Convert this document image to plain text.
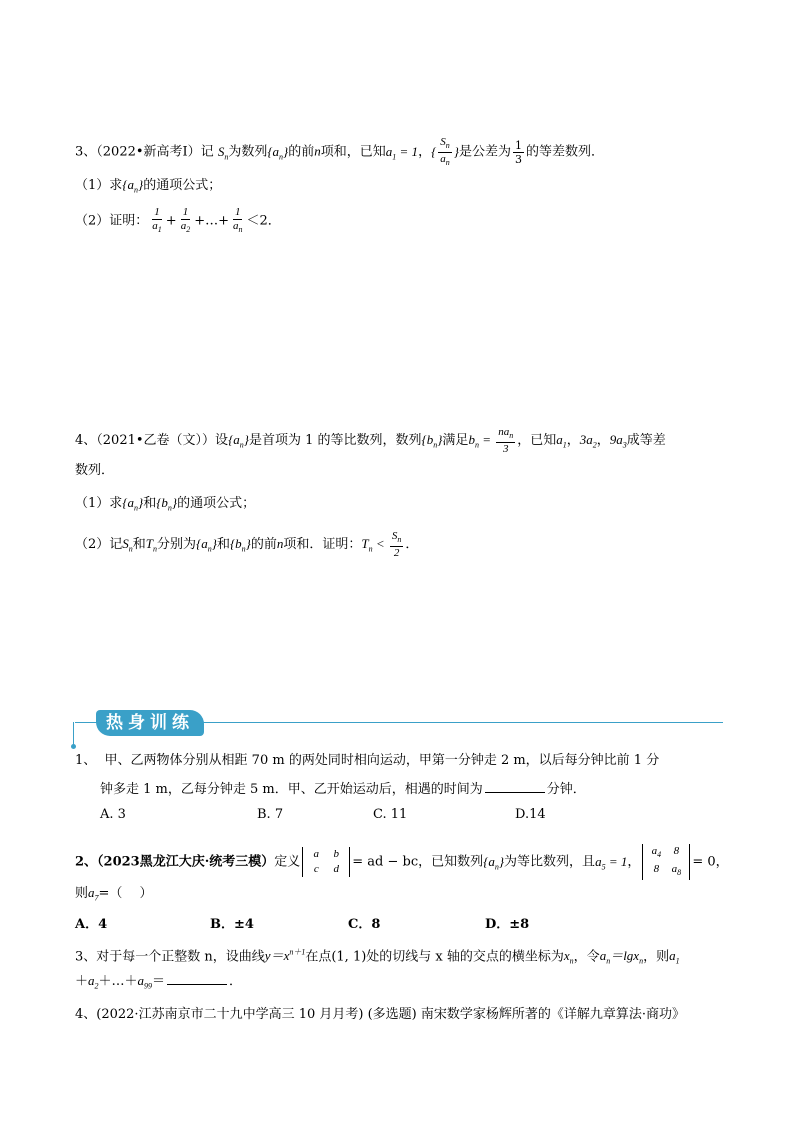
3、（2022•新高考Ⅰ）记 $S_n$为数列$\{a_n\}$的前n项和，已知$a_1 = 1$，{ $\frac{S_n}{a_n}$ }是公差为 $\frac{1}{3}$ 的等差数列．
（1）求$\{a_n\}$的通项公式；
（2）证明： $\frac{1}{a_1} + \frac{1}{a_2}$ +…+ $\frac{1}{a_n} <2$．
4、（2021•乙卷（文））设$\{a_n\}$是首项为 1 的等比数列，数列$\{b_n\}$满足$b_n = \frac{na_n}{3}$ ，已知$a_1$，$3a_2$，$9a_3$成等差
数列．
（1）求$\{a_n\}$和$\{b_n\}$的通项公式；
（2）记$S_n$和$T_n$分别为$\{a_n\}$和$\{b_n\}$的前n项和．证明：$T_n < \frac{S_n}{2}$ ．
热身训练
1、 甲、乙两物体分别从相距 70 m 的两处同时相向运动，甲第一分钟走 2 m，以后每分钟比前 1 分
钟多走 1 m，乙每分钟走 5 m．甲、乙开始运动后，相遇的时间为	分钟．
A. 3	B. 7	C. 11	D.14
2、（2023黑龙江大庆·统考三模）定义
a	b
c	d	= ad − bc，已知数列$\{a_n\}$为等比数列，且$a_5 = 1$，
$a_4$	8
8	$a_8$
= 0，
则$a_7=$（　 ）
A．4	B．±4	C．8	D．±8
3、对于每一个正整数 n，设曲线$y=x^{n+1}$在点(1, 1)处的切线与 x 轴的交点的横坐标为$x_n$，令$a_n=\lg x_n$，则$a_1$
$+a_2+\dots+a_{99}=$	．
4、(2022·江苏南京市二十九中学高三 10 月月考) (多选题) 南宋数学家杨辉所著的《详解九章算法·商功》
